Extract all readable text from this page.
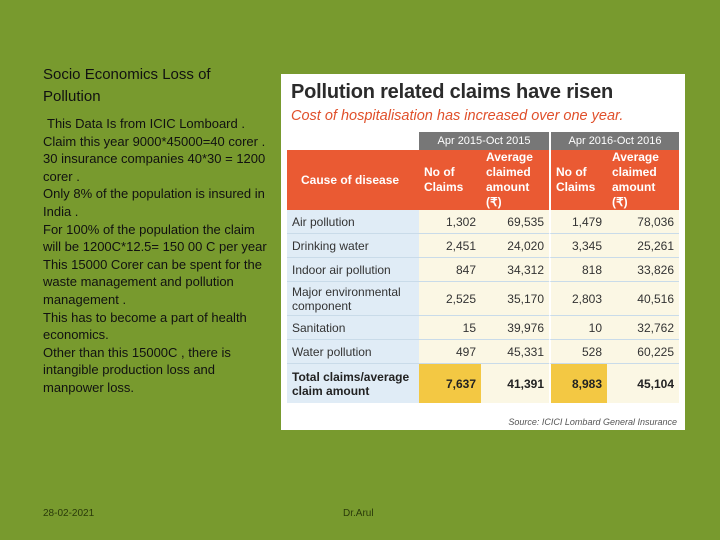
Socio Economics Loss of Pollution

This Data Is from ICIC Lomboard .

Claim this year 9000*45000=40 corer .

30 insurance companies 40*30 = 1200 corer .

Only 8% of the population is insured in India .

For 100% of the population the claim will be 1200C*12.5= 150 00 C per year

This 15000 Corer can be spent for the waste management and pollution management .

This has to become a part of health economics.

Other than this 15000C , there is intangible production loss and manpower loss.

Pollution related claims have risen
Cost of hospitalisation has increased over one year.
	Apr 2015-Oct 2015		Apr 2016-Oct 2016	
Cause of disease	No of Claims	Average claimed amount (₹)	No of Claims	Average claimed amount (₹)
Air pollution	1,302	69,535	1,479	78,036
Drinking water	2,451	24,020	3,345	25,261
Indoor air pollution	847	34,312	818	33,826
Major environmental component	2,525	35,170	2,803	40,516
Sanitation	15	39,976	10	32,762
Water pollution	497	45,331	528	60,225
Total claims/average claim amount	7,637	41,391	8,983	45,104
Source: ICICI Lombard General Insurance
28-02-2021	Dr.Arul
